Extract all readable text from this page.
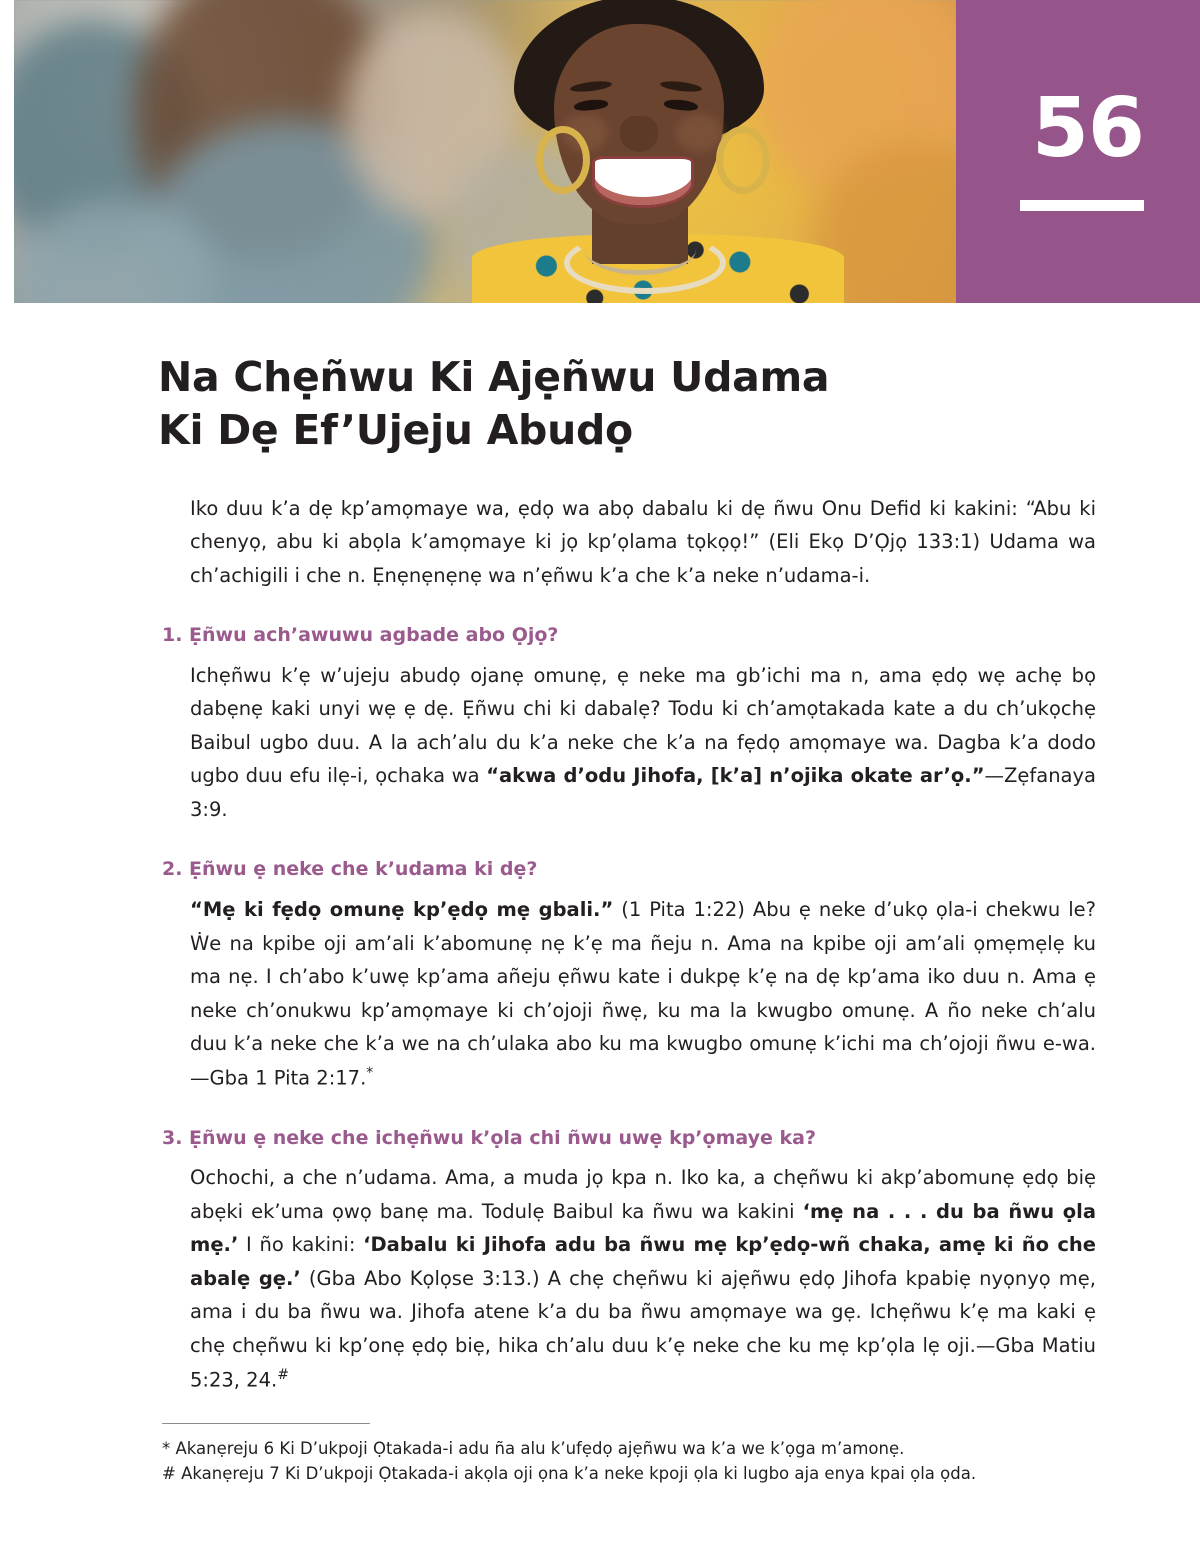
56
Na Chẹñwu Ki Ajẹñwu Udama
Ki Dẹ Ef’Ujeju Abudọ

Iko duu k’a dẹ kp’amọmaye wa, ẹdọ wa abọ dabalu ki dẹ ñwu Onu Defid ki kakini: “Abu ki chenyọ, abu ki abọla k’amọmaye ki jọ kp’ọlama tọkọọ!” (Eli Ekọ D’Ọjọ 133:1) Udama wa ch’achigili i che n. Ẹnẹnẹnẹnẹ wa n’ẹñwu k’a che k’a neke n’udama-i.

1. Ẹñwu ach’awuwu agbade abo Ọjọ?

Ichẹñwu k’ẹ w’ujeju abudọ ojanẹ omunẹ, ẹ neke ma gb’ichi ma n, ama ẹdọ wẹ achẹ bọ dabẹnẹ kaki unyi wẹ ẹ dẹ. Ẹñwu chi ki dabalẹ? Todu ki ch’amọtakada kate a du ch’ukọchẹ Baibul ugbo duu. A la ach’alu du k’a neke che k’a na fẹdọ amọmaye wa. Dagba k’a dodo ugbo duu efu ilẹ-i, ọchaka wa “akwa d’odu Jihofa, [k’a] n’ojika okate ar’ọ.”—Zẹfanaya 3:9.

2. Ẹñwu ẹ neke che k’udama ki dẹ?

“Mẹ ki fẹdọ omunẹ kp’ẹdọ mẹ gbali.” (1 Pita 1:22) Abu ẹ neke d’ukọ ọla-i chekwu le? Ẇe na kpibe oji am’ali k’abomunẹ nẹ k’ẹ ma ñeju n. Ama na kpibe oji am’ali ọmẹmẹlẹ ku ma nẹ. I ch’abo k’uwẹ kp’ama añeju ẹñwu kate i dukpẹ k’ẹ na dẹ kp’ama iko duu n. Ama ẹ neke ch’onukwu kp’amọmaye ki ch’ojoji ñwẹ, ku ma la kwugbo omunẹ. A ño neke ch’alu duu k’a neke che k’a we na ch’ulaka abo ku ma kwugbo omunẹ k’ichi ma ch’ojoji ñwu e-wa.—Gba 1 Pita 2:17.*

3. Ẹñwu ẹ neke che ichẹñwu k’ọla chi ñwu uwẹ kp’ọmaye ka?

Ochochi, a che n’udama. Ama, a muda jọ kpa n. Iko ka, a chẹñwu ki akp’abomunẹ ẹdọ biẹ abẹki ek’uma ọwọ banẹ ma. Todulẹ Baibul ka ñwu wa kakini ‘mẹ na . . . du ba ñwu ọla mẹ.’ I ño kakini: ‘Dabalu ki Jihofa adu ba ñwu mẹ kp’ẹdọ-wñ chaka, amẹ ki ño che abalẹ gẹ.’ (Gba Abo Kọlọse 3:13.) A chẹ chẹñwu ki ajẹñwu ẹdọ Jihofa kpabiẹ nyọnyọ mẹ, ama i du ba ñwu wa. Jihofa atene k’a du ba ñwu amọmaye wa gẹ. Ichẹñwu k’ẹ ma kaki ẹ chẹ chẹñwu ki kp’onẹ ẹdọ biẹ, hika ch’alu duu k’ẹ neke che ku mẹ kp’ọla lẹ oji.—Gba Matiu 5:23, 24.#

* Akanẹreju 6 Ki D’ukpoji Ọtakada-i adu ña alu k’ufẹdọ ajẹñwu wa k’a we k’ọga m’amonẹ.

# Akanẹreju 7 Ki D’ukpoji Ọtakada-i akọla oji ọna k’a neke kpoji ọla ki lugbo aja enya kpai ọla ọda.
